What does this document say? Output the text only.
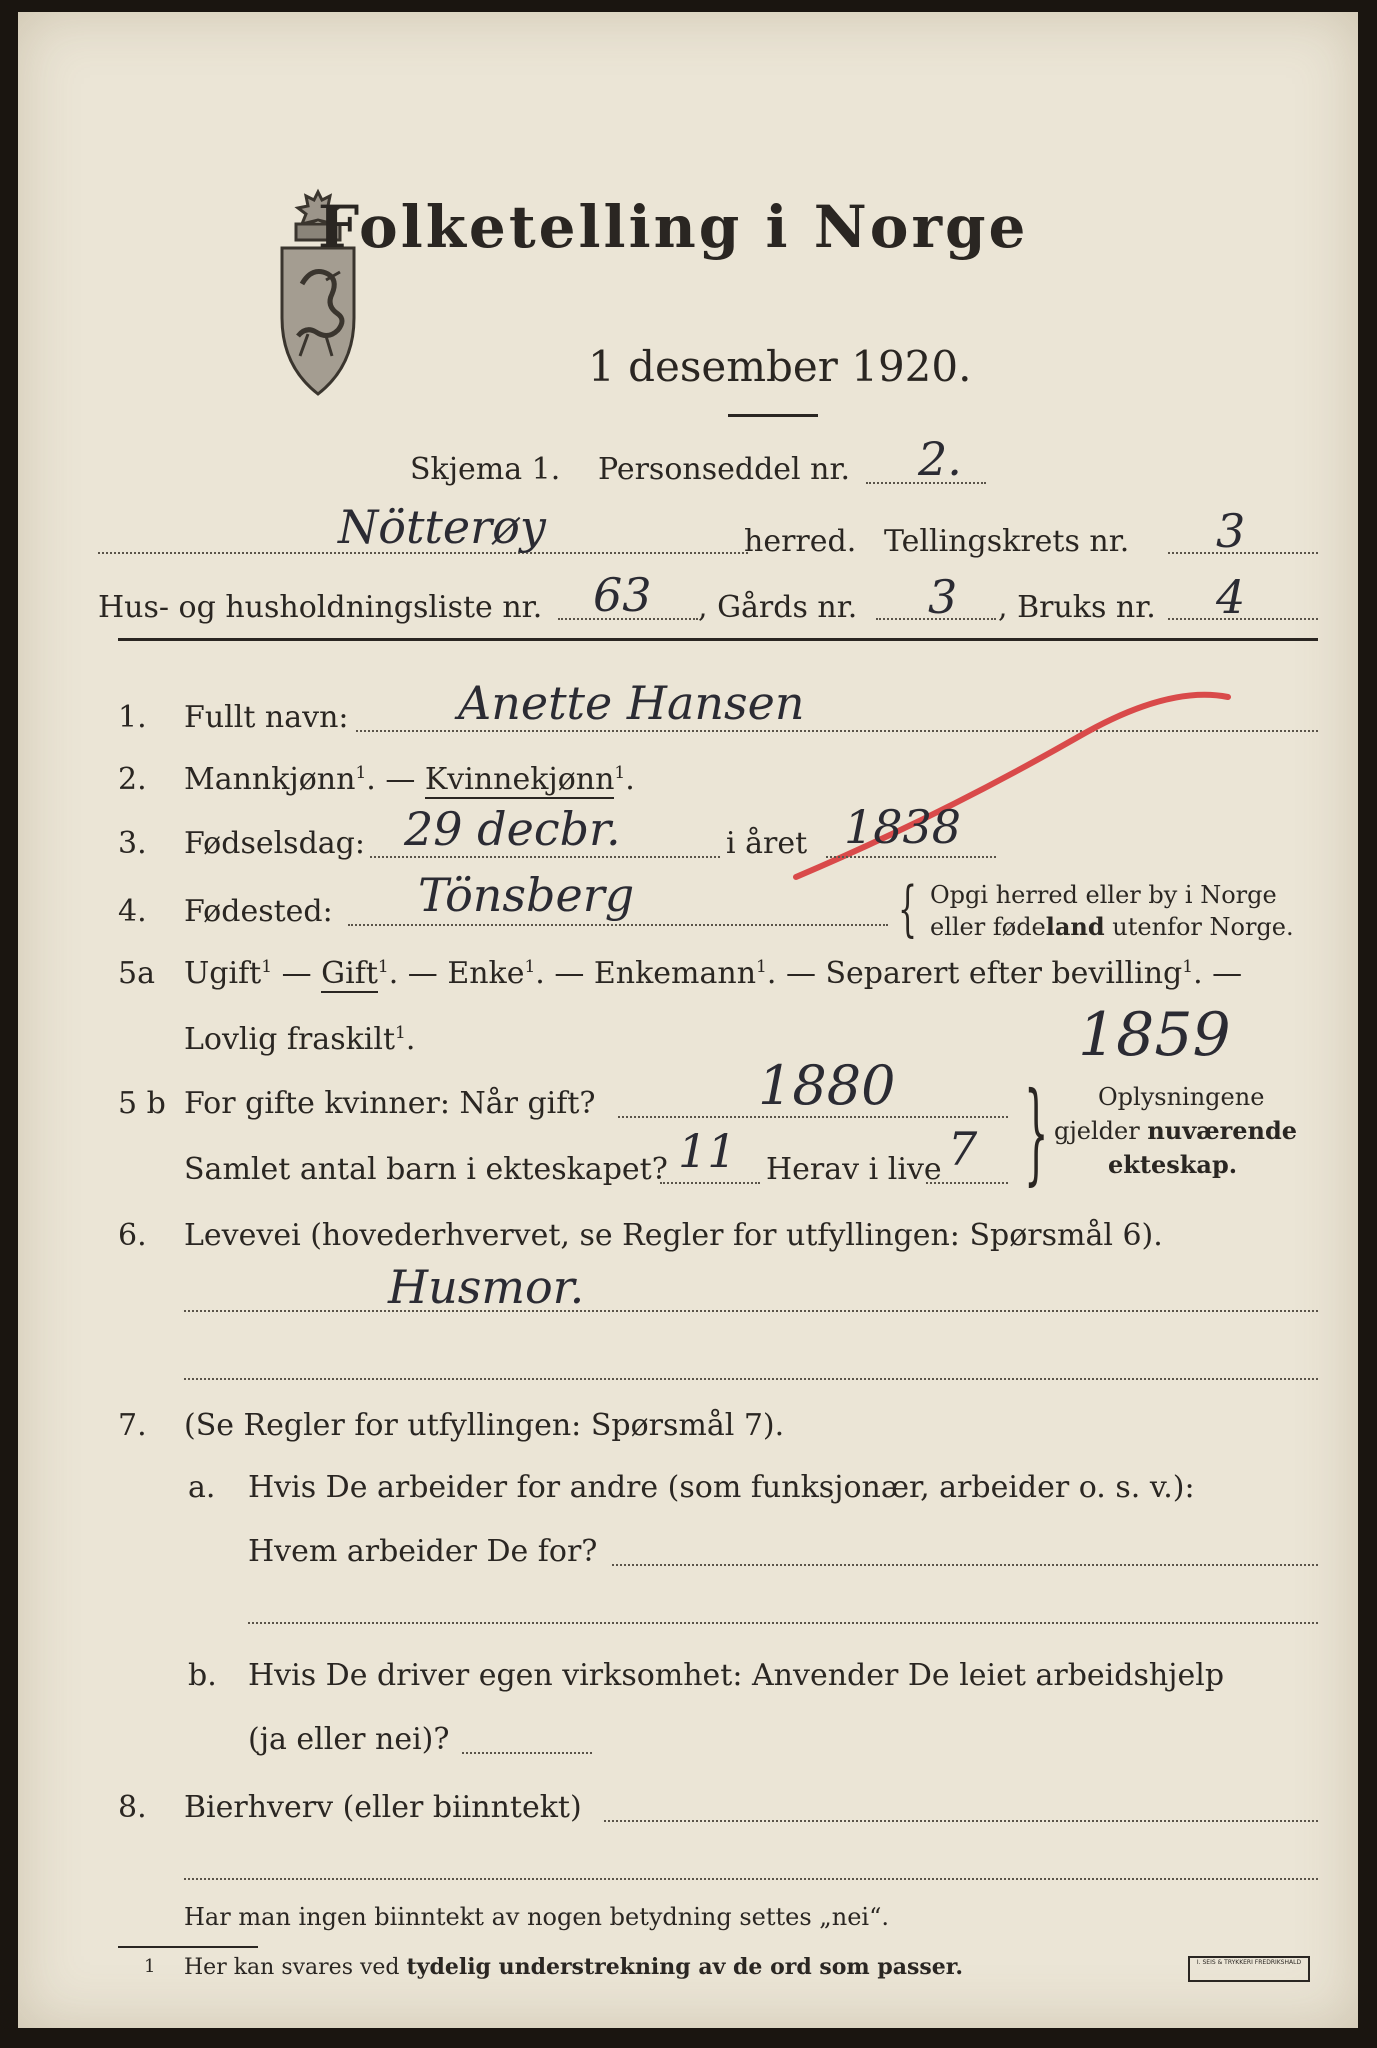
Folketelling i Norge
1 desember 1920.
Skjema 1. Personseddel nr. 2.
Nötterøy	herred. Tellingskrets nr. 3
Hus- og husholdningsliste nr. 63 , Gårds nr. 3 , Bruks nr. 4
1. Fullt navn: Anette Hansen
2. Mannkjønn$^1$. — Kvinnekjønn$^1$.
3. Fødselsdag: 29 decbr.	i året 1838
4. Fødested: Tönsberg	{ Opgi herred eller by i Norge
eller fødeland utenfor Norge.
5a Ugift$^1$ — Gift$^1$. — Enke$^1$. — Enkemann$^1$. — Separert efter bevilling$^1$. —
Lovlig fraskilt$^1$.	1859
5 b For gifte kvinner: Når gift?	1880
Samlet antal barn i ekteskapet? 11 Herav i live 7 } Oplysningene
gjelder nuværende
ekteskap.
6. Levevei (hovederhvervet, se Regler for utfyllingen: Spørsmål 6).
Husmor.
7. (Se Regler for utfyllingen: Spørsmål 7).
a. Hvis De arbeider for andre (som funksjonær, arbeider o. s. v.):
Hvem arbeider De for?
b. Hvis De driver egen virksomhet: Anvender De leiet arbeidshjelp
(ja eller nei)?
8. Bierhverv (eller biinntekt)
Har man ingen biinntekt av nogen betydning settes „nei“.
1 Her kan svares ved tydelig understrekning av de ord som passer.	I. SEIS & TRYKKERI FREDRIKSHALD
